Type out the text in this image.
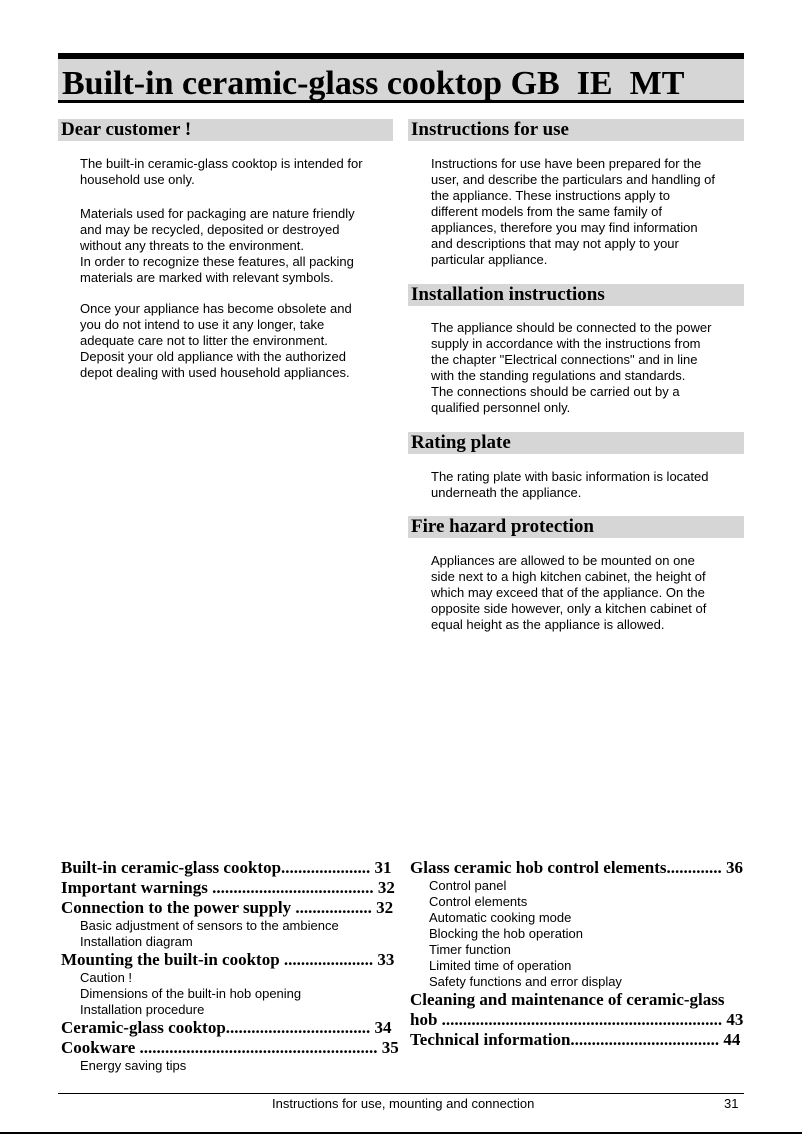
Built-in ceramic-glass cooktop GB  IE  MT
Dear customer !

The built-in ceramic-glass cooktop is intended for
household use only.

Materials used for packaging are nature friendly
and may be recycled, deposited or destroyed
without any threats to the environment.
In order to recognize these features, all packing
materials are marked with relevant symbols.

Once your appliance has become obsolete and
you do not intend to use it any longer, take
adequate care not to litter the environment.
Deposit your old appliance with the authorized
depot dealing with used household appliances.

Instructions for use

Instructions for use have been prepared for the
user, and describe the particulars and handling of
the appliance. These instructions apply to
different models from the same family of
appliances, therefore you may find information
and descriptions that may not apply to your
particular appliance.

Installation instructions

The appliance should be connected to the power
supply in accordance with the instructions from
the chapter "Electrical connections" and in line
with the standing regulations and standards.
The connections should be carried out by a
qualified personnel only.

Rating plate

The rating plate with basic information is located
underneath the appliance.

Fire hazard protection

Appliances are allowed to be mounted on one
side next to a high kitchen cabinet, the height of
which may exceed that of the appliance. On the
opposite side however, only a kitchen cabinet of
equal height as the appliance is allowed.

Built-in ceramic-glass cooktop..................... 31
Important warnings ...................................... 32
Connection to the power supply .................. 32
Basic adjustment of sensors to the ambience
Installation diagram
Mounting the built-in cooktop ..................... 33
Caution !
Dimensions of the built-in hob opening
Installation procedure
Ceramic-glass cooktop.................................. 34
Cookware ........................................................ 35
Energy saving tips
Glass ceramic hob control elements............. 36
Control panel
Control elements
Automatic cooking mode
Blocking the hob operation
Timer function
Limited time of operation
Safety functions and error display
Cleaning and maintenance of ceramic-glass
hob .................................................................. 43
Technical information................................... 44
Instructions for use, mounting and connection	31
